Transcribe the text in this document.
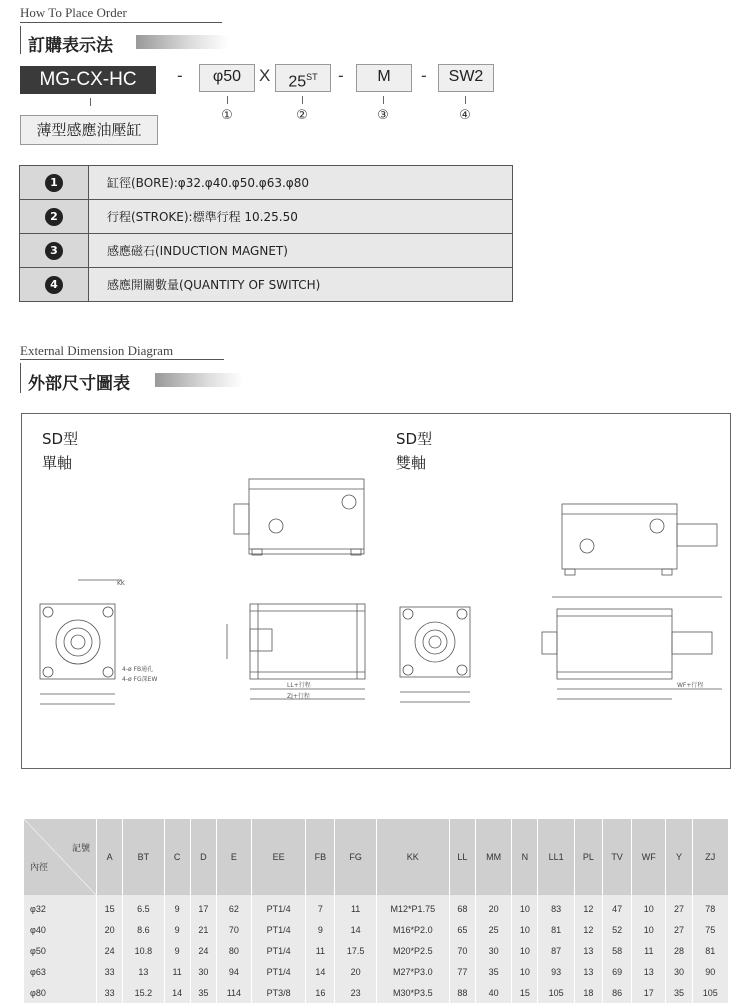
How To Place Order
訂購表示法
MG-CX-HC	-	φ50	X	25ST	-	M	-	SW2
①	②	③	④
薄型感應油壓缸
1	缸徑(BORE):φ32.φ40.φ50.φ63.φ80
2	行程(STROKE):標準行程 10.25.50
3	感應磁石(INDUCTION MAGNET)
4	感應開關數量(QUANTITY OF SWITCH)
External Dimension Diagram
外部尺寸圖表
SD型
單軸
SD型
雙軸
KK
4-ø FB通孔
4-ø FG深EW
LL+行程
ZJ+行程
WF+行程
記號
內徑	A	BT	C	D	E	EE	FB	FG	KK	LL	MM	N	LL1	PL	TV	WF	Y	ZJ
φ32	15	6.5	9	17	62	PT1/4	7	11	M12*P1.75	68	20	10	83	12	47	10	27	78
φ40	20	8.6	9	21	70	PT1/4	9	14	M16*P2.0	65	25	10	81	12	52	10	27	75
φ50	24	10.8	9	24	80	PT1/4	11	17.5	M20*P2.5	70	30	10	87	13	58	11	28	81
φ63	33	13	11	30	94	PT1/4	14	20	M27*P3.0	77	35	10	93	13	69	13	30	90
φ80	33	15.2	14	35	114	PT3/8	16	23	M30*P3.5	88	40	15	105	18	86	17	35	105
